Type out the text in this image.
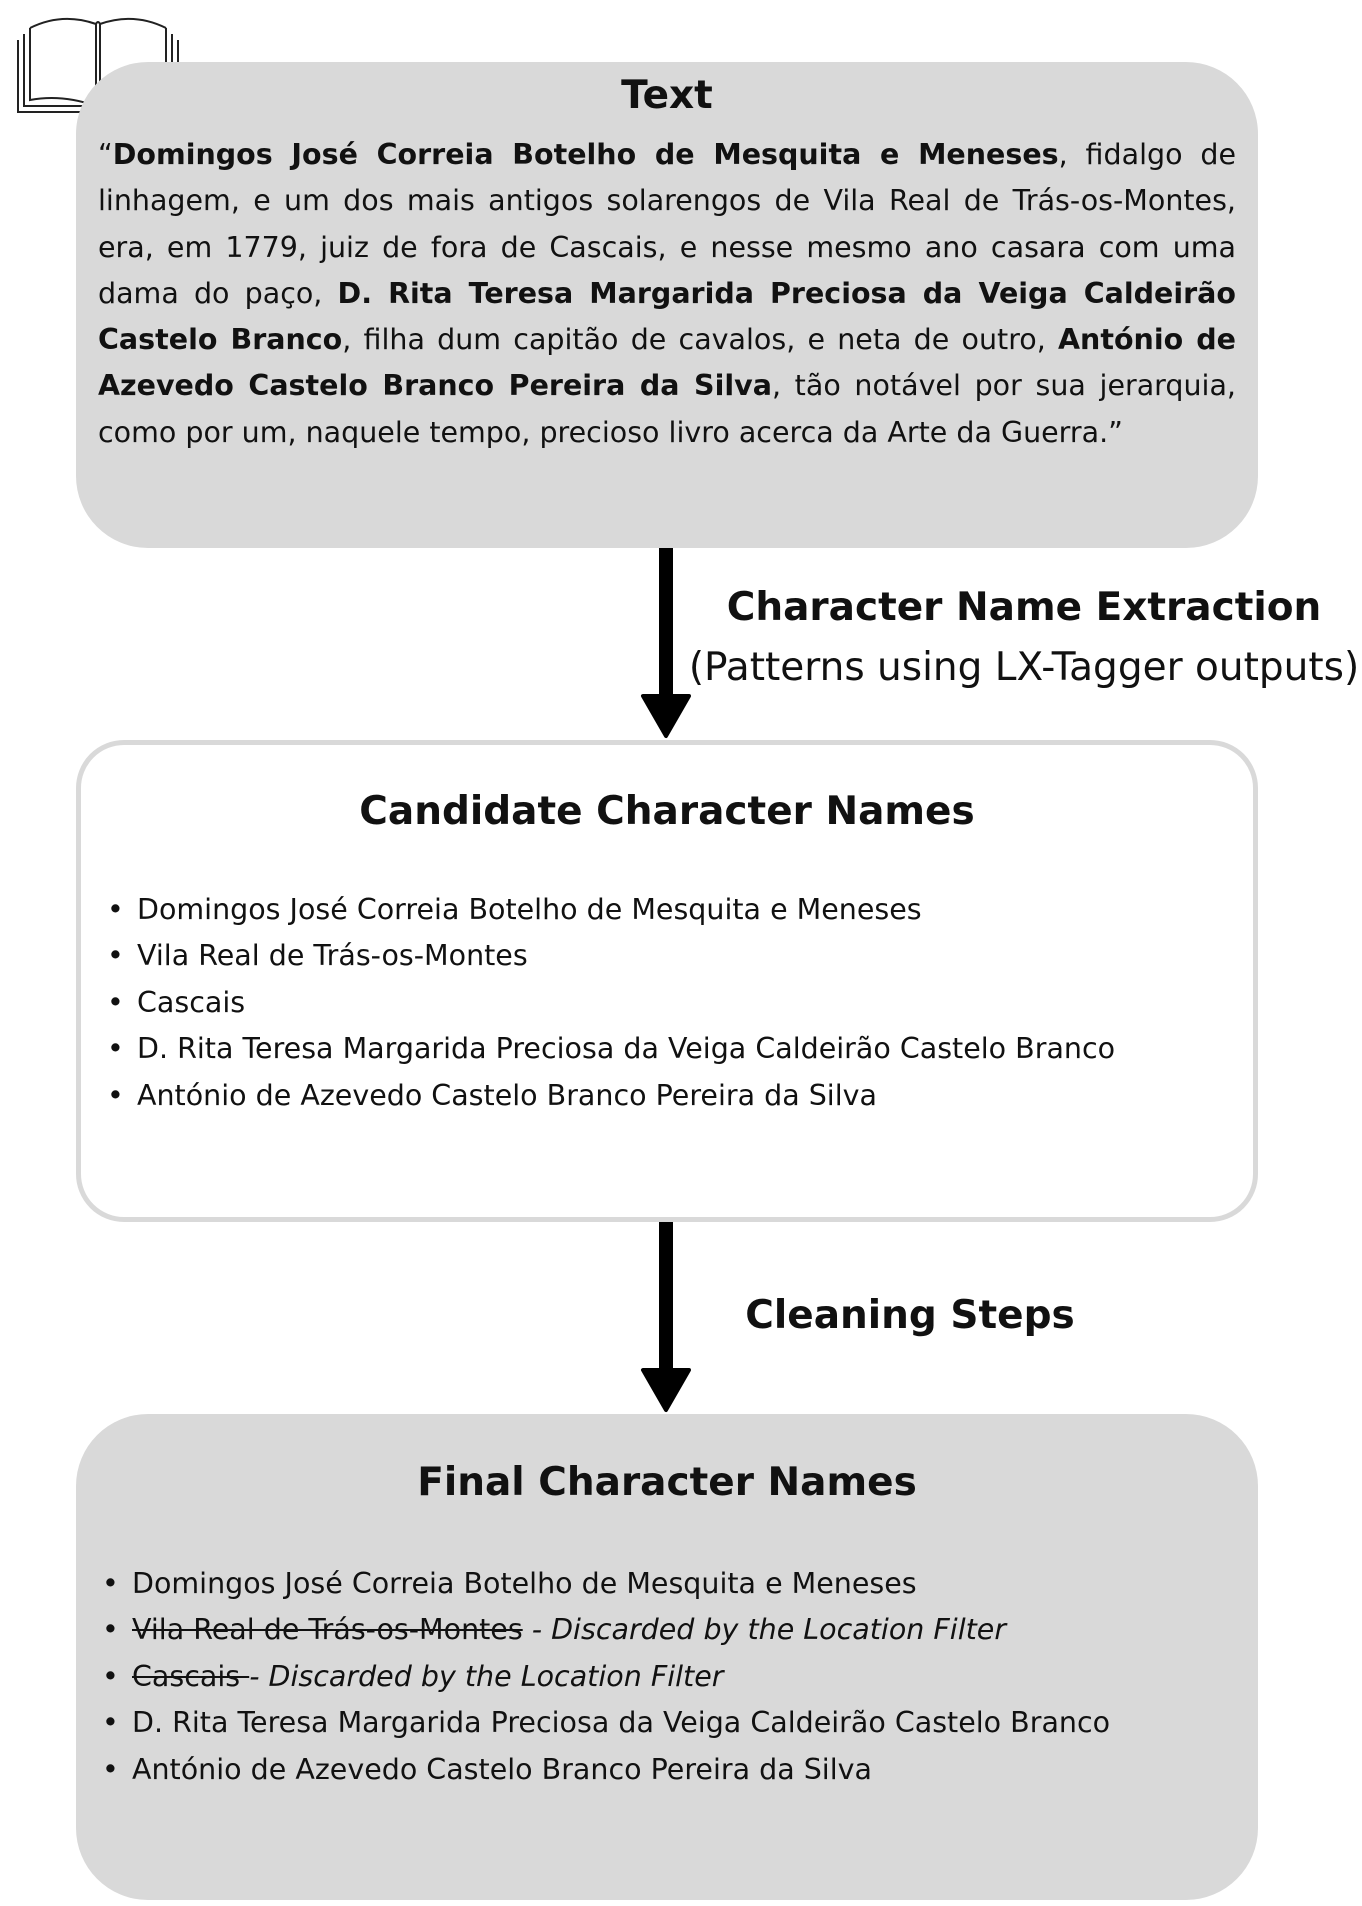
Text
“Domingos José Correia Botelho de Mesquita e Meneses, fidalgo de linhagem, e um dos mais antigos solarengos de Vila Real de Trás-os-Montes, era, em 1779, juiz de fora de Cascais, e nesse mesmo ano casara com uma dama do paço, D. Rita Teresa Margarida Preciosa da Veiga Caldeirão Castelo Branco, filha dum capitão de cavalos, e neta de outro, António de Azevedo Castelo Branco Pereira da Silva, tão notável por sua jerarquia, como por um, naquele tempo, precioso livro acerca da Arte da Guerra.”
Character Name Extraction
(Patterns using LX-Tagger outputs)
Candidate Character Names
• Domingos José Correia Botelho de Mesquita e Meneses
• Vila Real de Trás-os-Montes
• Cascais
• D. Rita Teresa Margarida Preciosa da Veiga Caldeirão Castelo Branco
• António de Azevedo Castelo Branco Pereira da Silva
Cleaning Steps
Final Character Names
• Domingos José Correia Botelho de Mesquita e Meneses
• Vila Real de Trás-os-Montes - Discarded by the Location Filter
• Cascais - Discarded by the Location Filter
• D. Rita Teresa Margarida Preciosa da Veiga Caldeirão Castelo Branco
• António de Azevedo Castelo Branco Pereira da Silva
